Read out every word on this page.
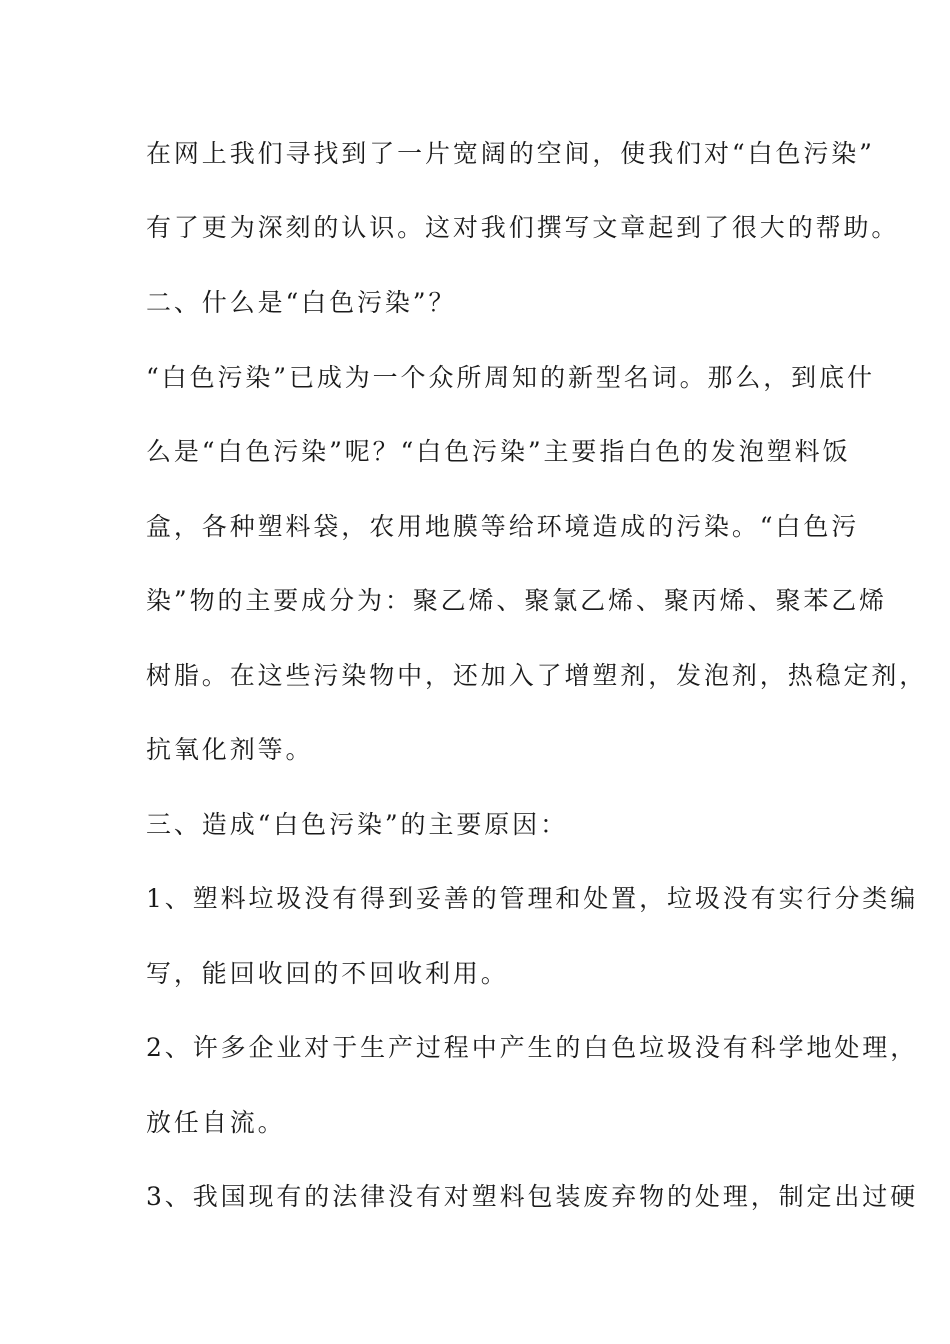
在网上我们寻找到了一片宽阔的空间，使我们对“白色污染”
有了更为深刻的认识。这对我们撰写文章起到了很大的帮助。
二、什么是“白色污染”？
“白色污染”已成为一个众所周知的新型名词。那么，到底什
么是“白色污染”呢？“白色污染”主要指白色的发泡塑料饭
盒，各种塑料袋，农用地膜等给环境造成的污染。“白色污
染”物的主要成分为：聚乙烯、聚氯乙烯、聚丙烯、聚苯乙烯
树脂。在这些污染物中，还加入了增塑剂，发泡剂，热稳定剂，
抗氧化剂等。
三、造成“白色污染”的主要原因：
1、塑料垃圾没有得到妥善的管理和处置，垃圾没有实行分类编
写，能回收回的不回收利用。
2、许多企业对于生产过程中产生的白色垃圾没有科学地处理，
放任自流。
3、我国现有的法律没有对塑料包装废弃物的处理，制定出过硬
